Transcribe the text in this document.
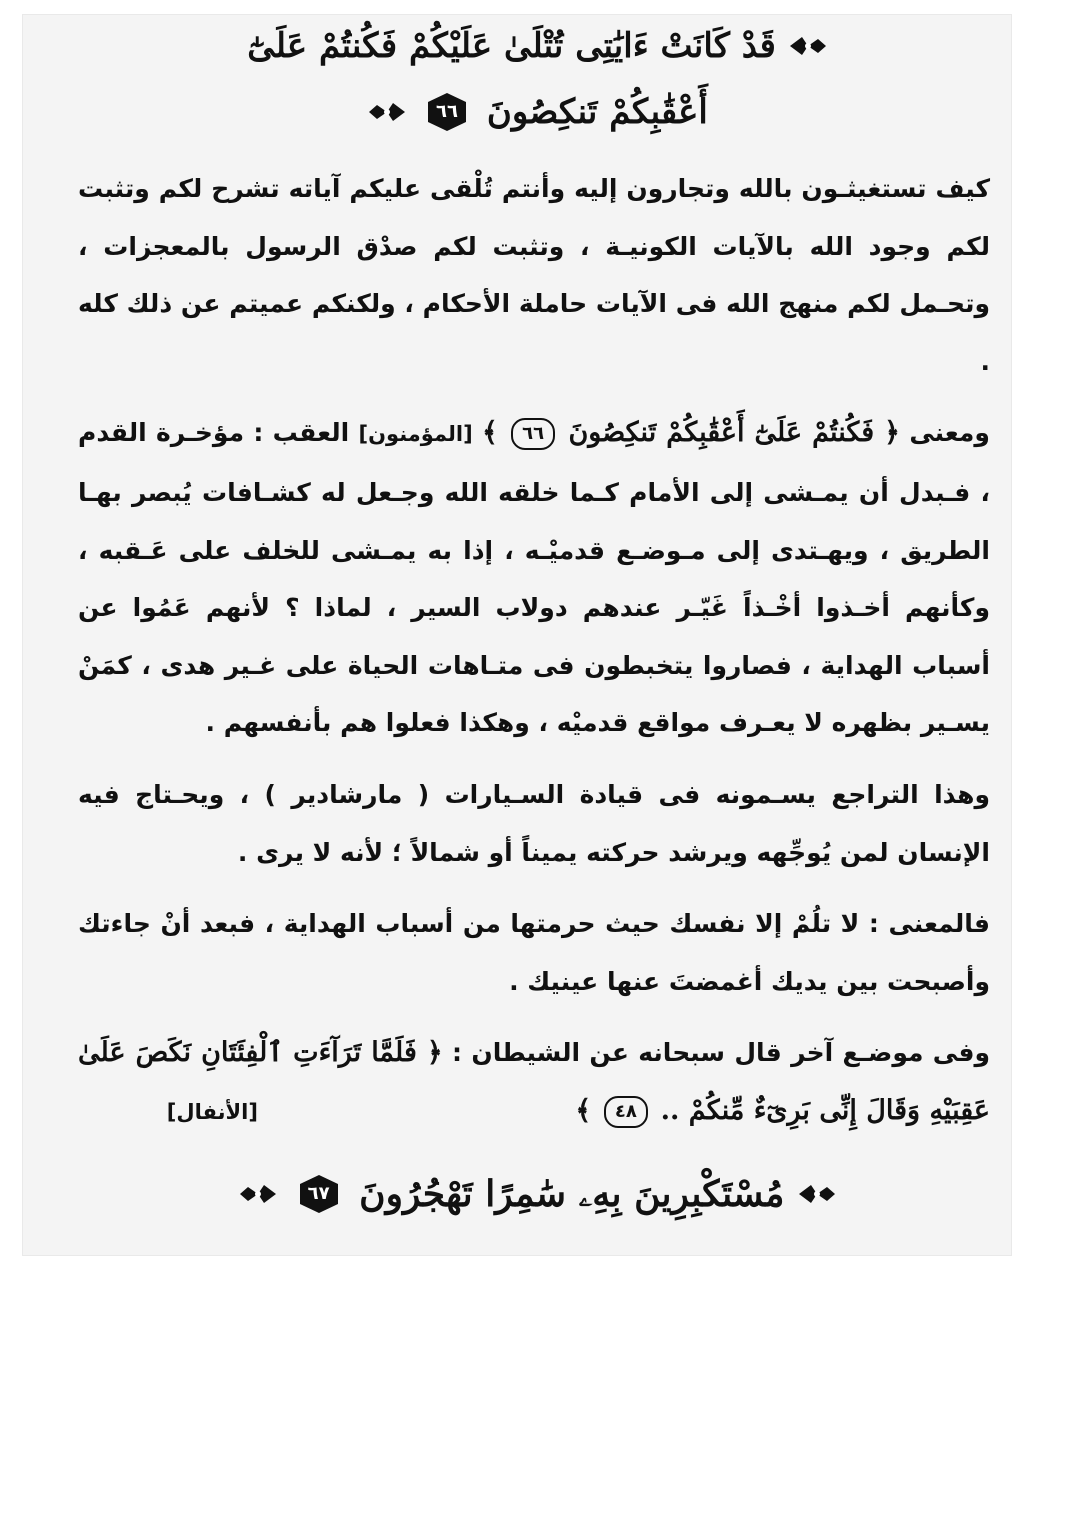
قَدْ كَانَتْ ءَايَٰتِى تُتْلَىٰ عَلَيْكُمْ فَكُنتُمْ عَلَىٰٓ
أَعْقَٰبِكُمْ تَنكِصُونَ
٦٦

كيف تستغيثـون بالله وتجارون إليه وأنتم تُلْقى عليكم آياته تشرح لكم وتثبت لكم وجود الله بالآيات الكونيـة ، وتثبت لكم صدْق الرسول بالمعجزات ، وتحـمل لكم منهج الله فى الآيات حاملة الأحكام ، ولكنكم عميتم عن ذلك كله .

ومعنى ﴿ فَكُنتُمْ عَلَىٰٓ أَعْقَٰبِكُمْ تَنكِصُونَ ٦٦ ﴾ [المؤمنون] العقب : مؤخـرة القدم ، فـبدل أن يمـشى إلى الأمام كـما خلقه الله وجـعل له كشـافات يُبصر بهـا الطريق ، ويهـتدى إلى مـوضـع قدميْـه ، إذا به يمـشى للخلف على عَـقبه ، وكأنهم أخـذوا أخْـذاً غَيّـر عندهم دولاب السير ، لماذا ؟ لأنهم عَمُوا عن أسباب الهداية ، فصاروا يتخبطون فى متـاهات الحياة على غـير هدى ، كمَنْ يسـير بظهره لا يعـرف مواقع قدميْه ، وهكذا فعلوا هم بأنفسهم .

وهذا التراجع يسـمونه فى قيادة السـيارات ( مارشادير ) ، ويحـتاج فيه الإنسان لمن يُوجِّهه ويرشد حركته يميناً أو شمالاً ؛ لأنه لا يرى .

فالمعنى : لا تلُمْ إلا نفسك حيث حرمتها من أسباب الهداية ، فبعد أنْ جاءتك وأصبحت بين يديك أغمضتَ عنها عينيك .

وفى موضـع آخر قال سبحانه عن الشيطان : ﴿ فَلَمَّا تَرَآءَتِ ٱلْفِئَتَانِ نَكَصَ عَلَىٰ عَقِبَيْهِ وَقَالَ إِنِّى بَرِىٓءٌ مِّنكُمْ .. ٤٨ ﴾  [الأنفال]

مُسْتَكْبِرِينَ بِهِۦ سَٰمِرًا تَهْجُرُونَ
٦٧
